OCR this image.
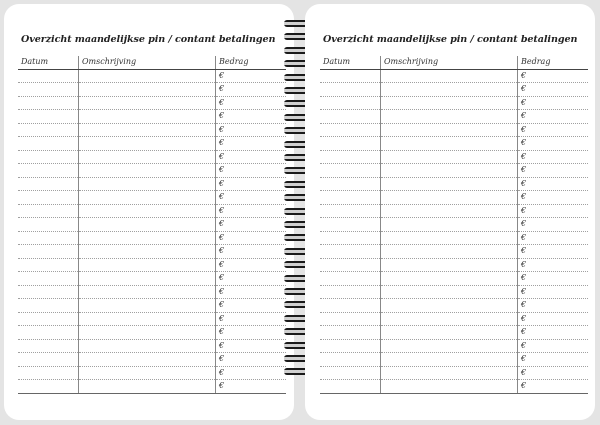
Overzicht maandelijkse pin / contant betalingen
Datum	Omschrijving	Bedrag
		€
		€
		€
		€
		€
		€
		€
		€
		€
		€
		€
		€
		€
		€
		€
		€
		€
		€
		€
		€
		€
		€
		€
		€
Overzicht maandelijkse pin / contant betalingen
Datum	Omschrijving	Bedrag
		€
		€
		€
		€
		€
		€
		€
		€
		€
		€
		€
		€
		€
		€
		€
		€
		€
		€
		€
		€
		€
		€
		€
		€
